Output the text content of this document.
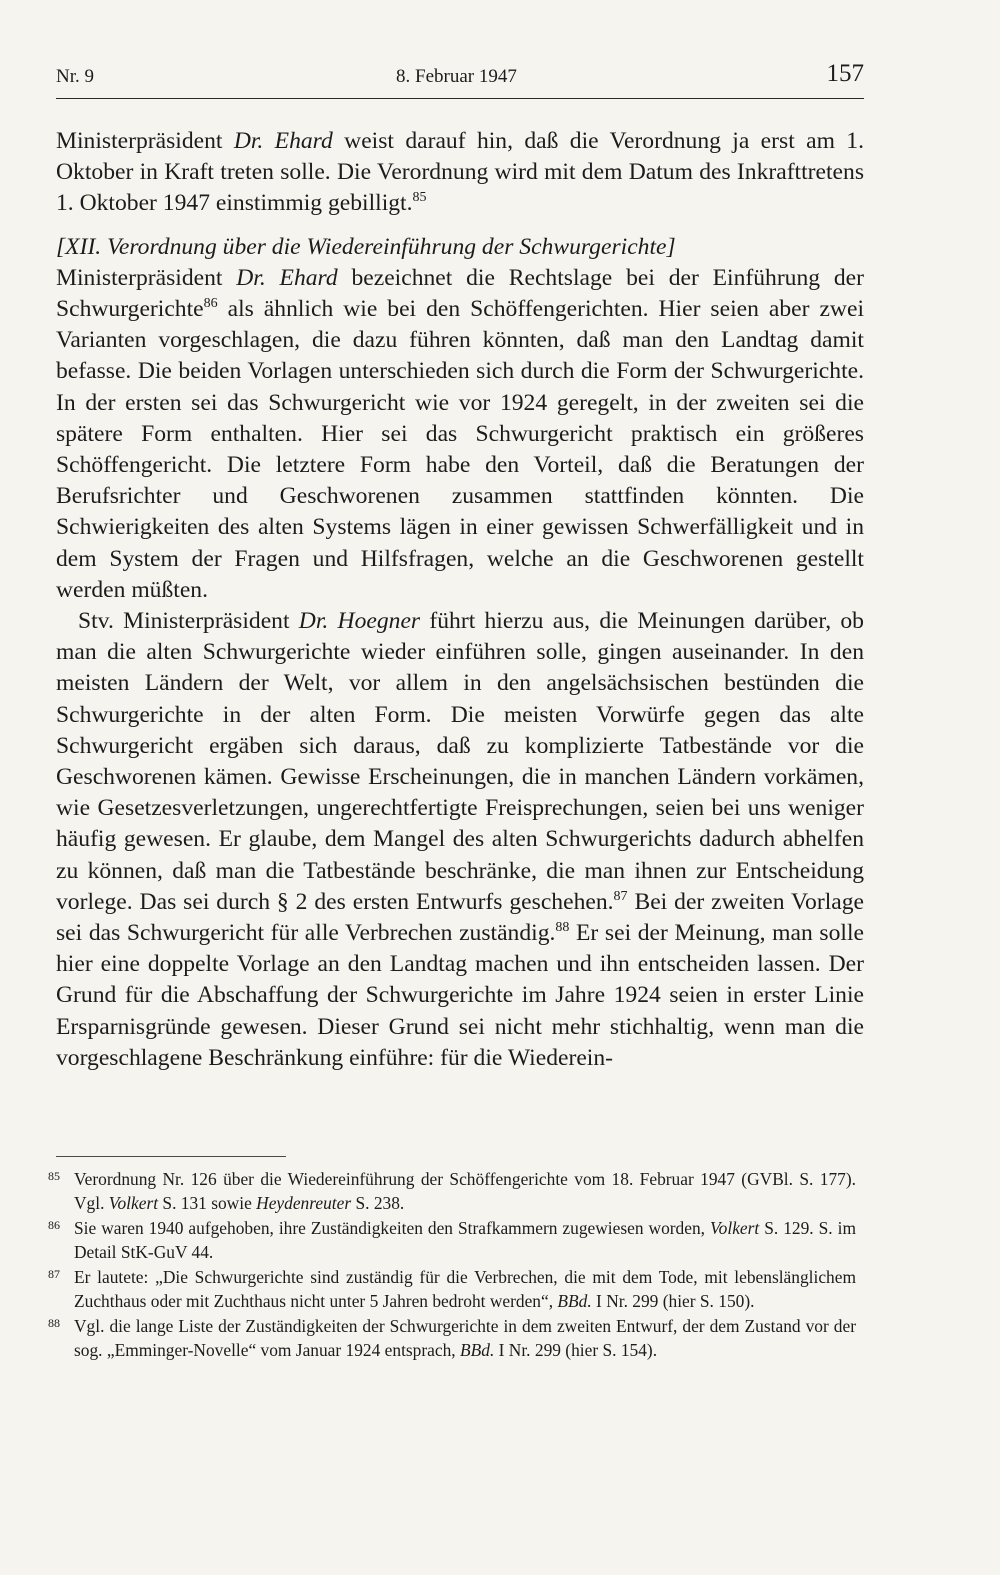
Nr. 9	8. Februar 1947	157

Ministerpräsident Dr. Ehard weist darauf hin, daß die Verordnung ja erst am 1. Oktober in Kraft treten solle. Die Verordnung wird mit dem Datum des Inkrafttretens 1. Oktober 1947 einstimmig gebilligt.$^{85}$

[XII. Verordnung über die Wiedereinführung der Schwurgerichte]

Ministerpräsident Dr. Ehard bezeichnet die Rechtslage bei der Einführung der Schwurgerichte$^{86}$ als ähnlich wie bei den Schöffengerichten. Hier seien aber zwei Varianten vorgeschlagen, die dazu führen könnten, daß man den Landtag damit befasse. Die beiden Vorlagen unterschieden sich durch die Form der Schwurgerichte. In der ersten sei das Schwurgericht wie vor 1924 geregelt, in der zweiten sei die spätere Form enthalten. Hier sei das Schwurgericht praktisch ein größeres Schöffengericht. Die letztere Form habe den Vorteil, daß die Beratungen der Berufsrichter und Geschworenen zusammen stattfinden könnten. Die Schwierigkeiten des alten Systems lägen in einer gewissen Schwerfälligkeit und in dem System der Fragen und Hilfsfragen, welche an die Geschworenen gestellt werden müßten.

Stv. Ministerpräsident Dr. Hoegner führt hierzu aus, die Meinungen darüber, ob man die alten Schwurgerichte wieder einführen solle, gingen auseinander. In den meisten Ländern der Welt, vor allem in den angelsächsischen bestünden die Schwurgerichte in der alten Form. Die meisten Vorwürfe gegen das alte Schwurgericht ergäben sich daraus, daß zu komplizierte Tatbestände vor die Geschworenen kämen. Gewisse Erscheinungen, die in manchen Ländern vorkämen, wie Gesetzesverletzungen, ungerechtfertigte Freisprechungen, seien bei uns weniger häufig gewesen. Er glaube, dem Mangel des alten Schwurgerichts dadurch abhelfen zu können, daß man die Tatbestände beschränke, die man ihnen zur Entscheidung vorlege. Das sei durch § 2 des ersten Entwurfs geschehen.$^{87}$ Bei der zweiten Vorlage sei das Schwurgericht für alle Verbrechen zuständig.$^{88}$ Er sei der Meinung, man solle hier eine doppelte Vorlage an den Landtag machen und ihn entscheiden lassen. Der Grund für die Abschaffung der Schwurgerichte im Jahre 1924 seien in erster Linie Ersparnisgründe gewesen. Dieser Grund sei nicht mehr stichhaltig, wenn man die vorgeschlagene Beschränkung einführe: für die Wiederein-

85 Verordnung Nr. 126 über die Wiedereinführung der Schöffengerichte vom 18. Februar 1947 (GVBl. S. 177). Vgl. Volkert S. 131 sowie Heydenreuter S. 238.
86 Sie waren 1940 aufgehoben, ihre Zuständigkeiten den Strafkammern zugewiesen worden, Volkert S. 129. S. im Detail StK-GuV 44.
87 Er lautete: „Die Schwurgerichte sind zuständig für die Verbrechen, die mit dem Tode, mit lebenslänglichem Zuchthaus oder mit Zuchthaus nicht unter 5 Jahren bedroht werden“, BBd. I Nr. 299 (hier S. 150).
88 Vgl. die lange Liste der Zuständigkeiten der Schwurgerichte in dem zweiten Entwurf, der dem Zustand vor der sog. „Emminger-Novelle“ vom Januar 1924 entsprach, BBd. I Nr. 299 (hier S. 154).
